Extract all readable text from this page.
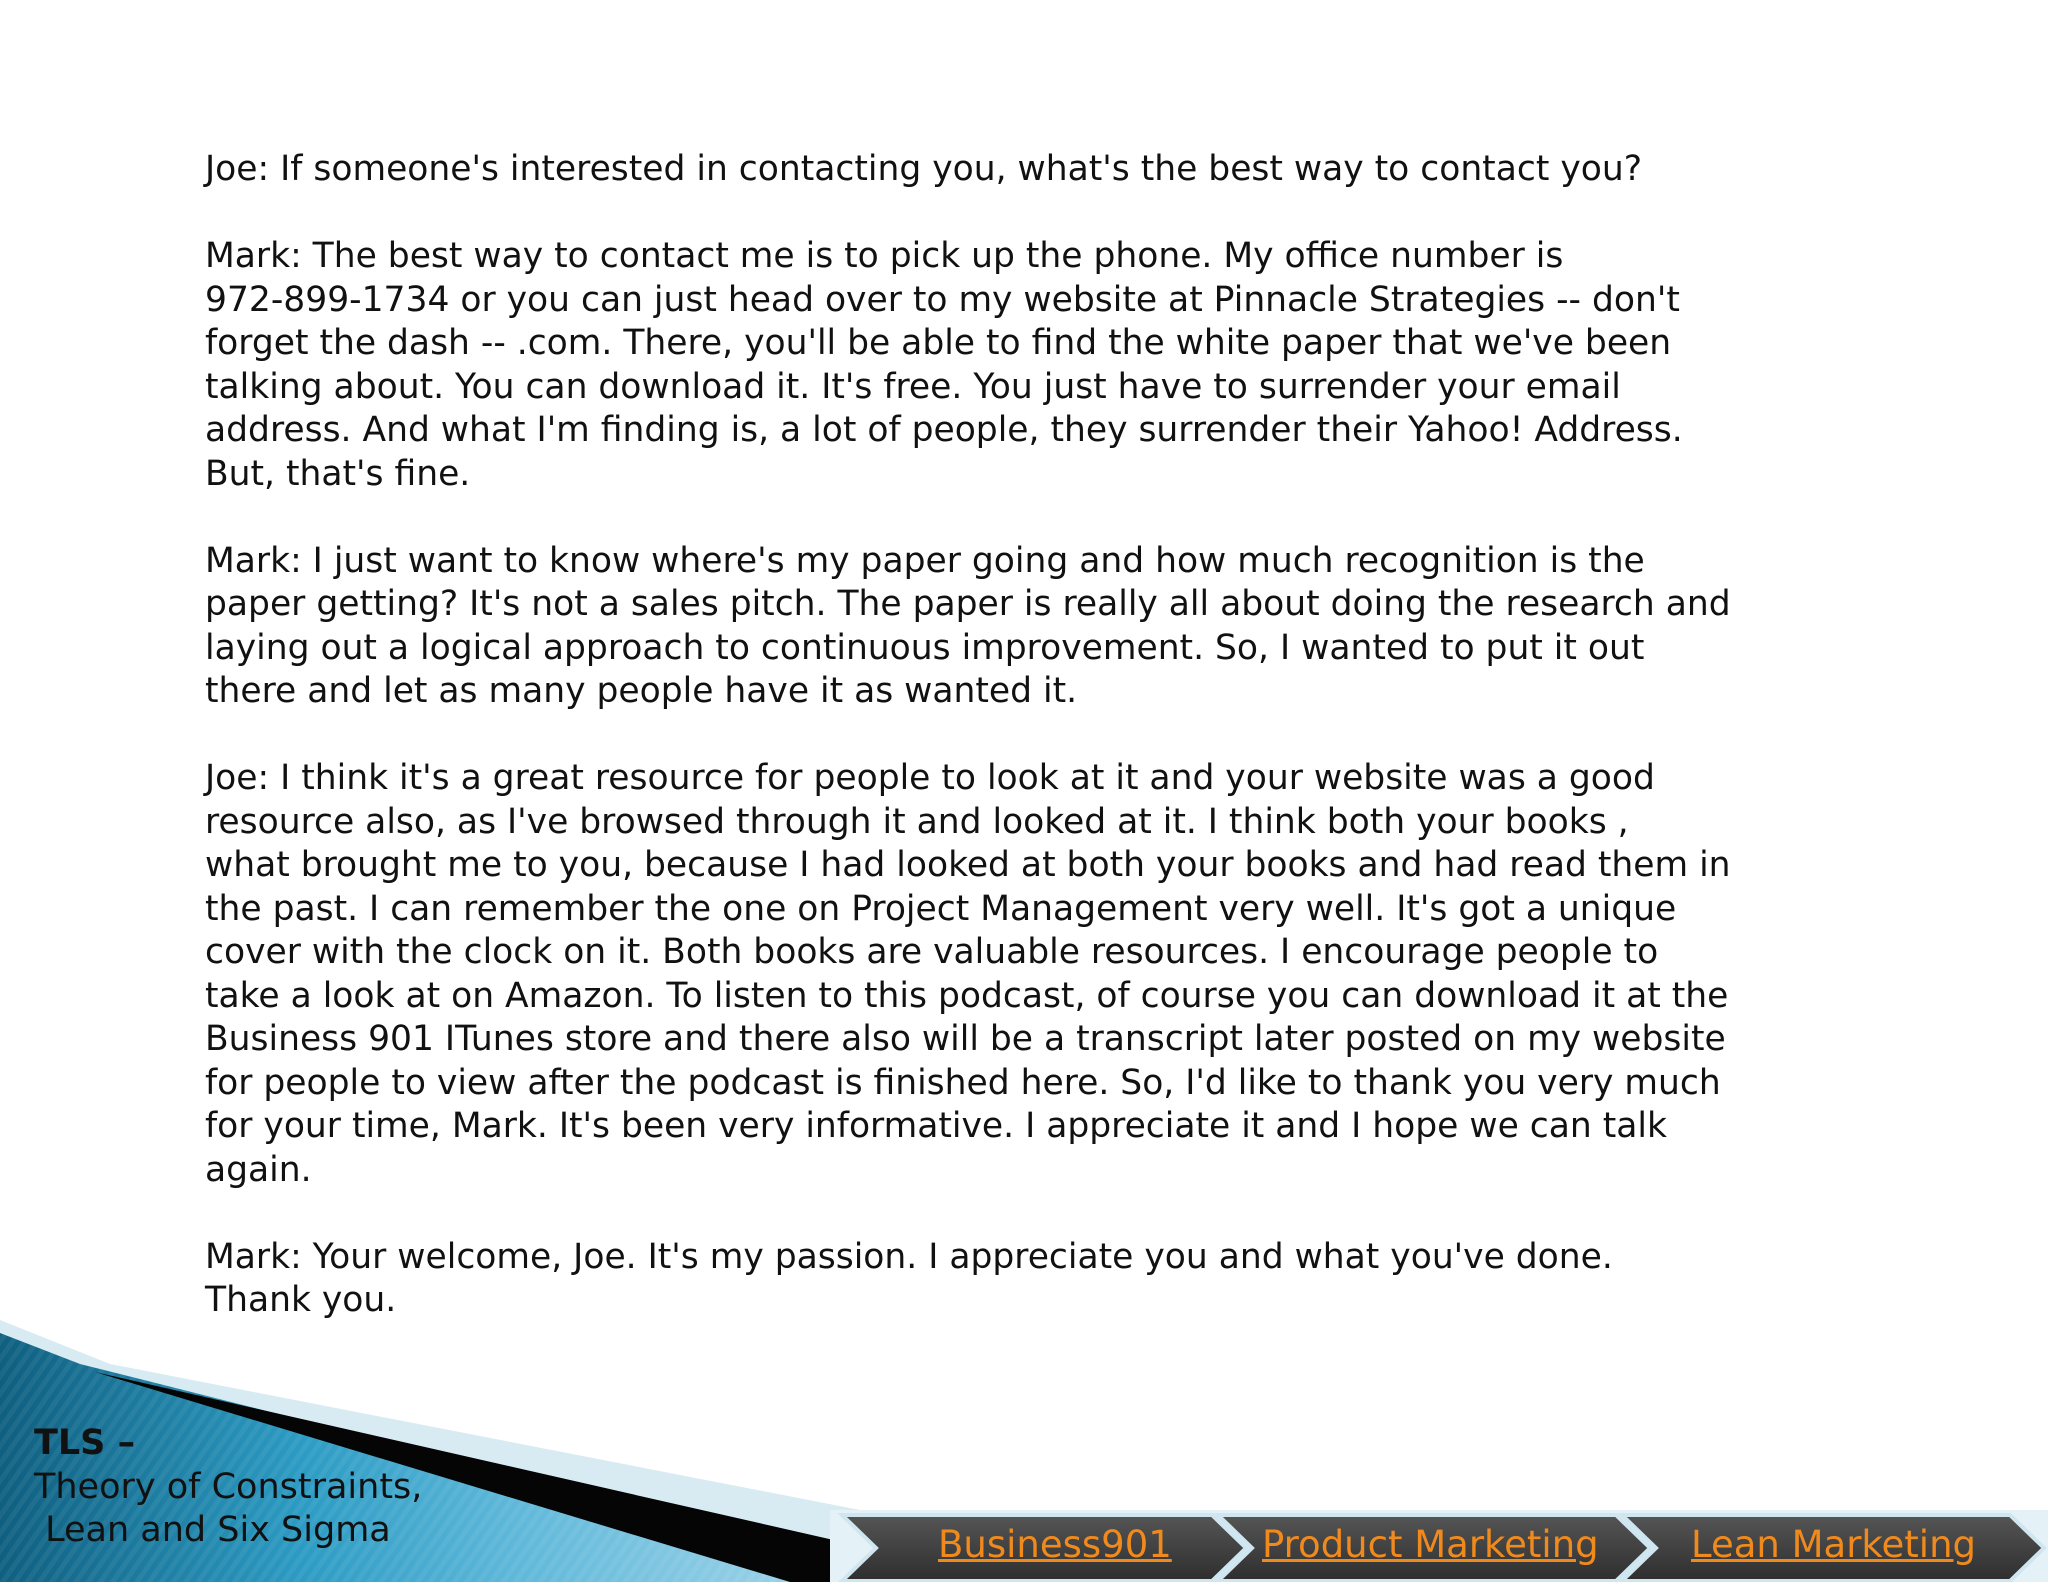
Joe: If someone's interested in contacting you, what's the best way to contact you?

Mark: The best way to contact me is to pick up the phone. My office number is
972-899-1734 or you can just head over to my website at Pinnacle Strategies -- don't
forget the dash -- .com. There, you'll be able to find the white paper that we've been
talking about. You can download it. It's free. You just have to surrender your email
address. And what I'm finding is, a lot of people, they surrender their Yahoo! Address.
But, that's fine.

Mark: I just want to know where's my paper going and how much recognition is the
paper getting? It's not a sales pitch. The paper is really all about doing the research and
laying out a logical approach to continuous improvement. So, I wanted to put it out
there and let as many people have it as wanted it.

Joe: I think it's a great resource for people to look at it and your website was a good
resource also, as I've browsed through it and looked at it. I think both your books ,
what brought me to you, because I had looked at both your books and had read them in
the past. I can remember the one on Project Management very well. It's got a unique
cover with the clock on it. Both books are valuable resources. I encourage people to
take a look at on Amazon. To listen to this podcast, of course you can download it at the
Business 901 ITunes store and there also will be a transcript later posted on my website
for people to view after the podcast is finished here. So, I'd like to thank you very much
for your time, Mark. It's been very informative. I appreciate it and I hope we can talk
again.

Mark: Your welcome, Joe. It's my passion. I appreciate you and what you've done.
Thank you.

TLS –
Theory of Constraints,
Lean and Six Sigma	Business901 Product Marketing Lean Marketing
